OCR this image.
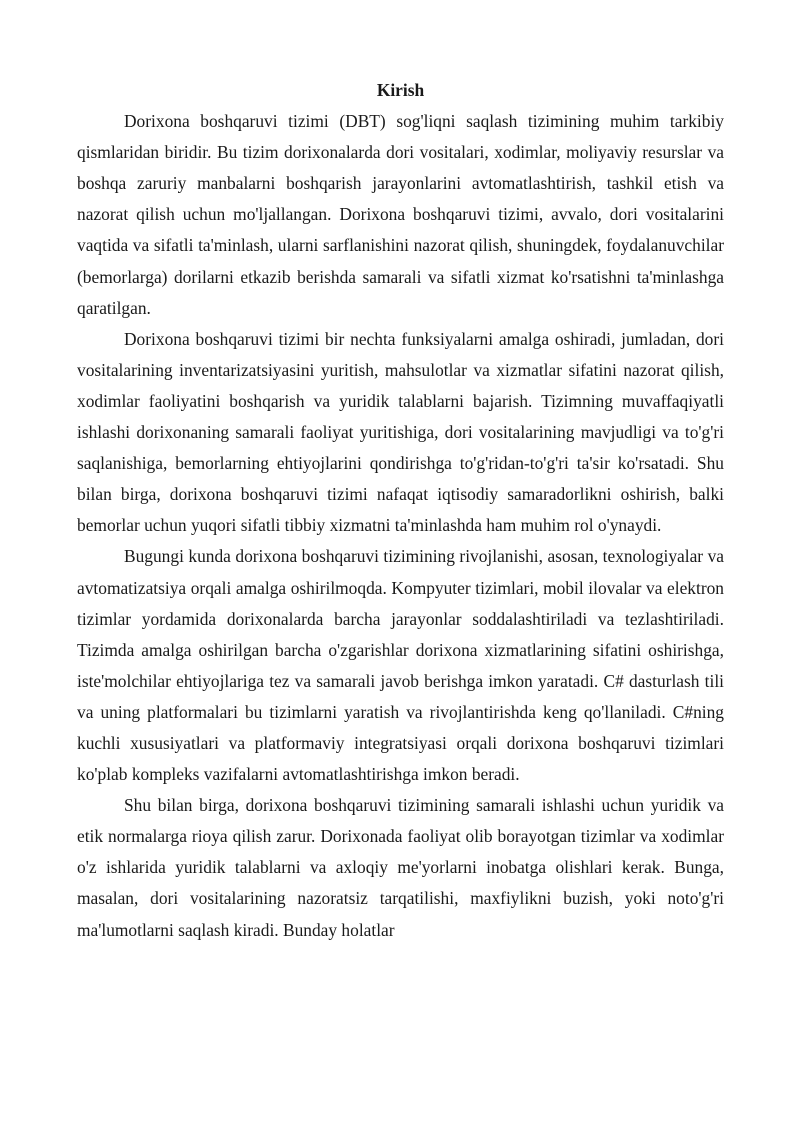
Kirish

Dorixona boshqaruvi tizimi (DBT) sog'liqni saqlash tizimining muhim tarkibiy qismlaridan biridir. Bu tizim dorixonalarda dori vositalari, xodimlar, moliyaviy resurslar va boshqa zaruriy manbalarni boshqarish jarayonlarini avtomatlashtirish, tashkil etish va nazorat qilish uchun mo'ljallangan. Dorixona boshqaruvi tizimi, avvalo, dori vositalarini vaqtida va sifatli ta'minlash, ularni sarflanishini nazorat qilish, shuningdek, foydalanuvchilar (bemorlarga) dorilarni etkazib berishda samarali va sifatli xizmat ko'rsatishni ta'minlashga qaratilgan.

Dorixona boshqaruvi tizimi bir nechta funksiyalarni amalga oshiradi, jumladan, dori vositalarining inventarizatsiyasini yuritish, mahsulotlar va xizmatlar sifatini nazorat qilish, xodimlar faoliyatini boshqarish va yuridik talablarni bajarish. Tizimning muvaffaqiyatli ishlashi dorixonaning samarali faoliyat yuritishiga, dori vositalarining mavjudligi va to'g'ri saqlanishiga, bemorlarning ehtiyojlarini qondirishga to'g'ridan-to'g'ri ta'sir ko'rsatadi. Shu bilan birga, dorixona boshqaruvi tizimi nafaqat iqtisodiy samaradorlikni oshirish, balki bemorlar uchun yuqori sifatli tibbiy xizmatni ta'minlashda ham muhim rol o'ynaydi.

Bugungi kunda dorixona boshqaruvi tizimining rivojlanishi, asosan, texnologiyalar va avtomatizatsiya orqali amalga oshirilmoqda. Kompyuter tizimlari, mobil ilovalar va elektron tizimlar yordamida dorixonalarda barcha jarayonlar soddalashtiriladi va tezlashtiriladi. Tizimda amalga oshirilgan barcha o'zgarishlar dorixona xizmatlarining sifatini oshirishga, iste'molchilar ehtiyojlariga tez va samarali javob berishga imkon yaratadi. C# dasturlash tili va uning platformalari bu tizimlarni yaratish va rivojlantirishda keng qo'llaniladi. C#ning kuchli xususiyatlari va platformaviy integratsiyasi orqali dorixona boshqaruvi tizimlari ko'plab kompleks vazifalarni avtomatlashtirishga imkon beradi.

Shu bilan birga, dorixona boshqaruvi tizimining samarali ishlashi uchun yuridik va etik normalarga rioya qilish zarur. Dorixonada faoliyat olib borayotgan tizimlar va xodimlar o'z ishlarida yuridik talablarni va axloqiy me'yorlarni inobatga olishlari kerak. Bunga, masalan, dori vositalarining nazoratsiz tarqatilishi, maxfiylikni buzish, yoki noto'g'ri ma'lumotlarni saqlash kiradi. Bunday holatlar
